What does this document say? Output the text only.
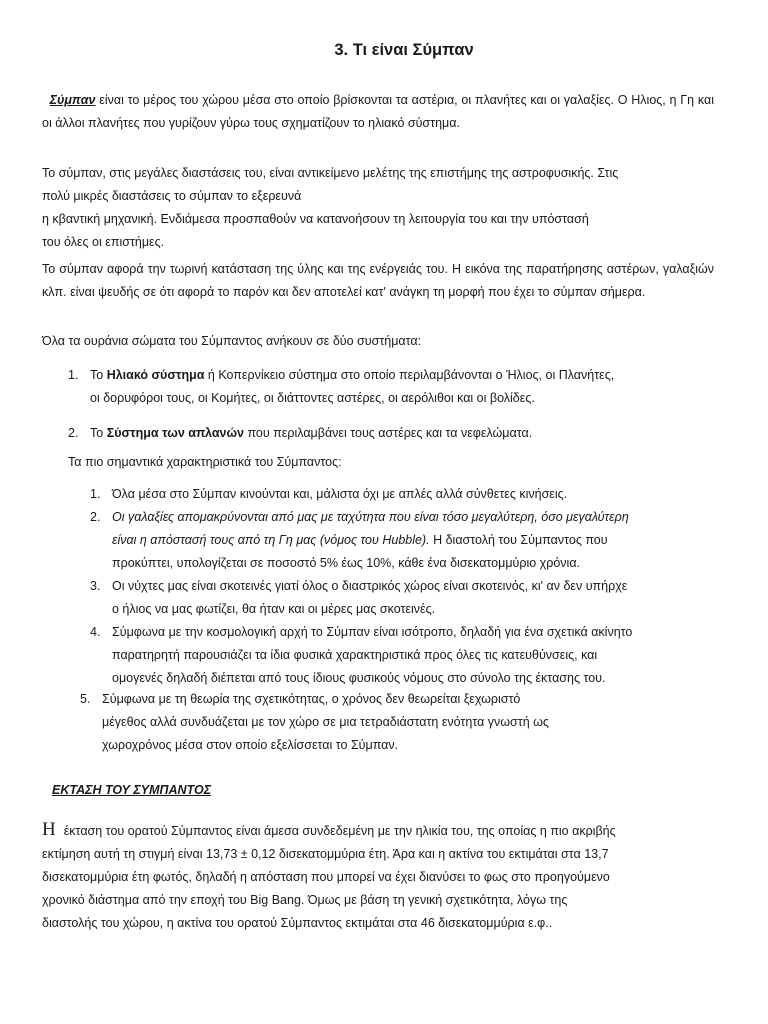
3. Τι είναι Σύμπαν

Σύμπαν είναι το μέρος του χώρου μέσα στο οποίο βρίσκονται τα αστέρια, οι πλανήτες και οι γαλαξίες. Ο Ηλιος, η Γη και οι άλλοι πλανήτες που γυρίζουν γύρω τους σχηματίζουν το ηλιακό σύστημα.

Το σύμπαν, στις μεγάλες διαστάσεις του, είναι αντικείμενο μελέτης της επιστήμης της αστροφυσικής. Στις
πολύ μικρές διαστάσεις το σύμπαν το εξερευνά
η κβαντική μηχανική. Ενδιάμεσα προσπαθούν να κατανοήσουν τη λειτουργία του και την υπόστασή
του όλες οι επιστήμες.

Το σύμπαν αφορά την τωρινή κατάσταση της ύλης και της ενέργειάς του. Η εικόνα της παρατήρησης αστέρων, γαλαξιών κλπ. είναι ψευδής σε ότι αφορά το παρόν και δεν αποτελεί κατ' ανάγκη τη μορφή που έχει το σύμπαν σήμερα.

Όλα τα ουράνια σώματα του Σύμπαντος ανήκουν σε δύο συστήματα:
1. Το Ηλιακό σύστημα ή Κοπερνίκειο σύστημα στο οποίο περιλαμβάνονται ο Ήλιος, οι Πλανήτες,
οι δορυφόροι τους, οι Κομήτες, οι διάττοντες αστέρες, οι αερόλιθοι και οι βολίδες.
2. Το Σύστημα των απλανών που περιλαμβάνει τους αστέρες και τα νεφελώματα.
Τα πιο σημαντικά χαρακτηριστικά του Σύμπαντος:
1. Όλα μέσα στο Σύμπαν κινούνται και, μάλιστα όχι με απλές αλλά σύνθετες κινήσεις.
2. Οι γαλαξίες απομακρύνονται από μας με ταχύτητα που είναι τόσο μεγαλύτερη, όσο μεγαλύτερη
είναι η απόστασή τους από τη Γη μας (νόμος του Hubble). Η διαστολή του Σύμπαντος που
προκύπτει, υπολογίζεται σε ποσοστό 5% έως 10%, κάθε ένα δισεκατομμύριο χρόνια.
3. Οι νύχτες μας είναι σκοτεινές γιατί όλος ο διαστρικός χώρος είναι σκοτεινός, κι' αν δεν υπήρχε
ο ήλιος να μας φωτίζει, θα ήταν και οι μέρες μας σκοτεινές.
4. Σύμφωνα με την κοσμολογική αρχή το Σύμπαν είναι ισότροπο, δηλαδή για ένα σχετικά ακίνητο
παρατηρητή παρουσιάζει τα ίδια φυσικά χαρακτηριστικά προς όλες τις κατευθύνσεις, και
ομογενές δηλαδή διέπεται από τους ίδιους φυσικούς νόμους στο σύνολο της έκτασης του.
5. Σύμφωνα με τη θεωρία της σχετικότητας, ο χρόνος δεν θεωρείται ξεχωριστό
μέγεθος αλλά συνδυάζεται με τον χώρο σε μια τετραδιάστατη ενότητα γνωστή ως
χωροχρόνος μέσα στον οποίο εξελίσσεται το Σύμπαν.
ΕΚΤΑΣΗ ΤΟΥ ΣΥΜΠΑΝΤΟΣ
Ηέκταση του ορατού Σύμπαντος είναι άμεσα συνδεδεμένη με την ηλικία του, της οποίας η πιο ακριβής
εκτίμηση αυτή τη στιγμή είναι 13,73 ± 0,12 δισεκατομμύρια έτη. Άρα και η ακτίνα του εκτιμάται στα 13,7
δισεκατομμύρια έτη φωτός, δηλαδή η απόσταση που μπορεί να έχει διανύσει το φως στο προηγούμενο
χρονικό διάστημα από την εποχή του Big Bang. Όμως με βάση τη γενική σχετικότητα, λόγω της
διαστολής του χώρου, η ακτίνα του ορατού Σύμπαντος εκτιμάται στα 46 δισεκατομμύρια ε.φ..
